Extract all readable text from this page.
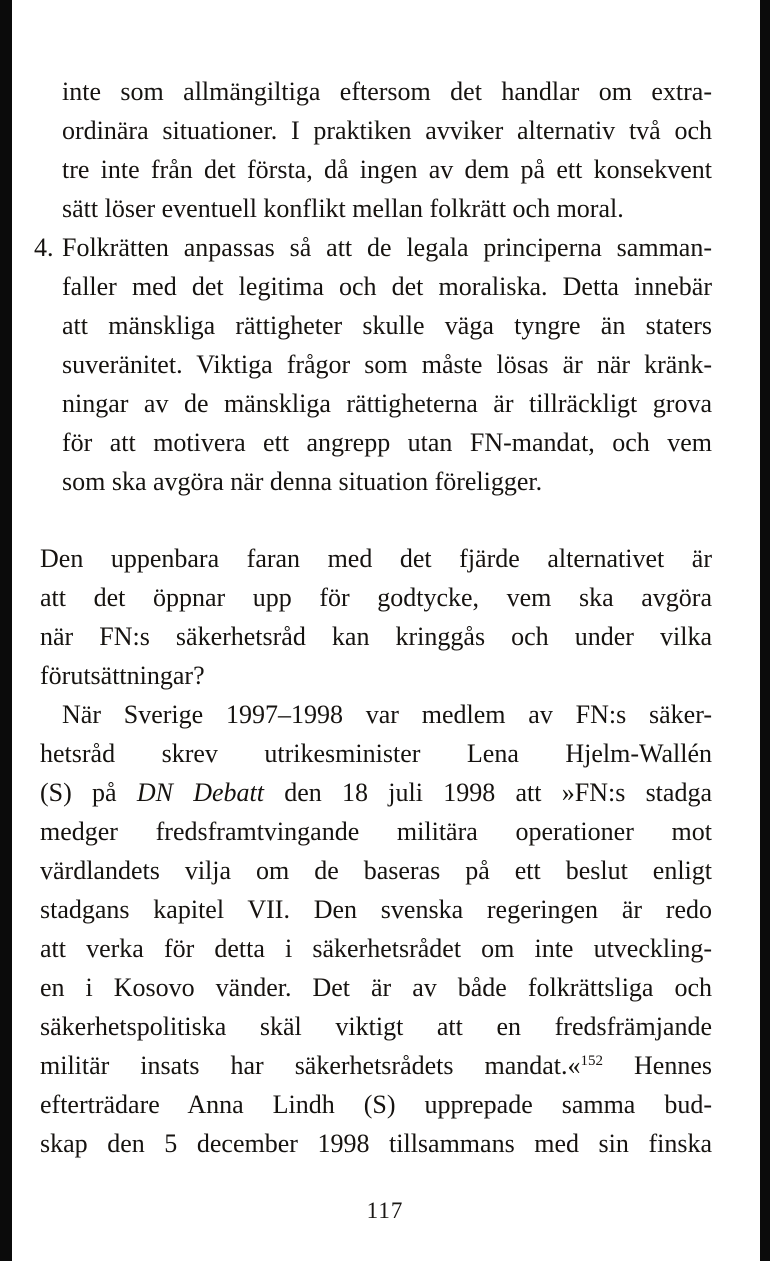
inte som allmängiltiga eftersom det handlar om extra-
ordinära situationer. I praktiken avviker alternativ två och
tre inte från det första, då ingen av dem på ett konsekvent
sätt löser eventuell konflikt mellan folkrätt och moral.
4. Folkrätten anpassas så att de legala principerna samman-
faller med det legitima och det moraliska. Detta innebär
att mänskliga rättigheter skulle väga tyngre än staters
suveränitet. Viktiga frågor som måste lösas är när kränk-
ningar av de mänskliga rättigheterna är tillräckligt grova
för att motivera ett angrepp utan FN-mandat, och vem
som ska avgöra när denna situation föreligger.
Den uppenbara faran med det fjärde alternativet är
att det öppnar upp för godtycke, vem ska avgöra
när FN:s säkerhetsråd kan kringgås och under vilka
förutsättningar?
När Sverige 1997–1998 var medlem av FN:s säker-
hetsråd skrev utrikesminister Lena Hjelm-Wallén
(S) på DN Debatt den 18 juli 1998 att »FN:s stadga
medger fredsframtvingande militära operationer mot
värdlandets vilja om de baseras på ett beslut enligt
stadgans kapitel VII. Den svenska regeringen är redo
att verka för detta i säkerhetsrådet om inte utveckling-
en i Kosovo vänder. Det är av både folkrättsliga och
säkerhetspolitiska skäl viktigt att en fredsfrämjande
militär insats har säkerhetsrådets mandat.«$^{152}$ Hennes
efterträdare Anna Lindh (S) upprepade samma bud-
skap den 5 december 1998 tillsammans med sin finska
117
